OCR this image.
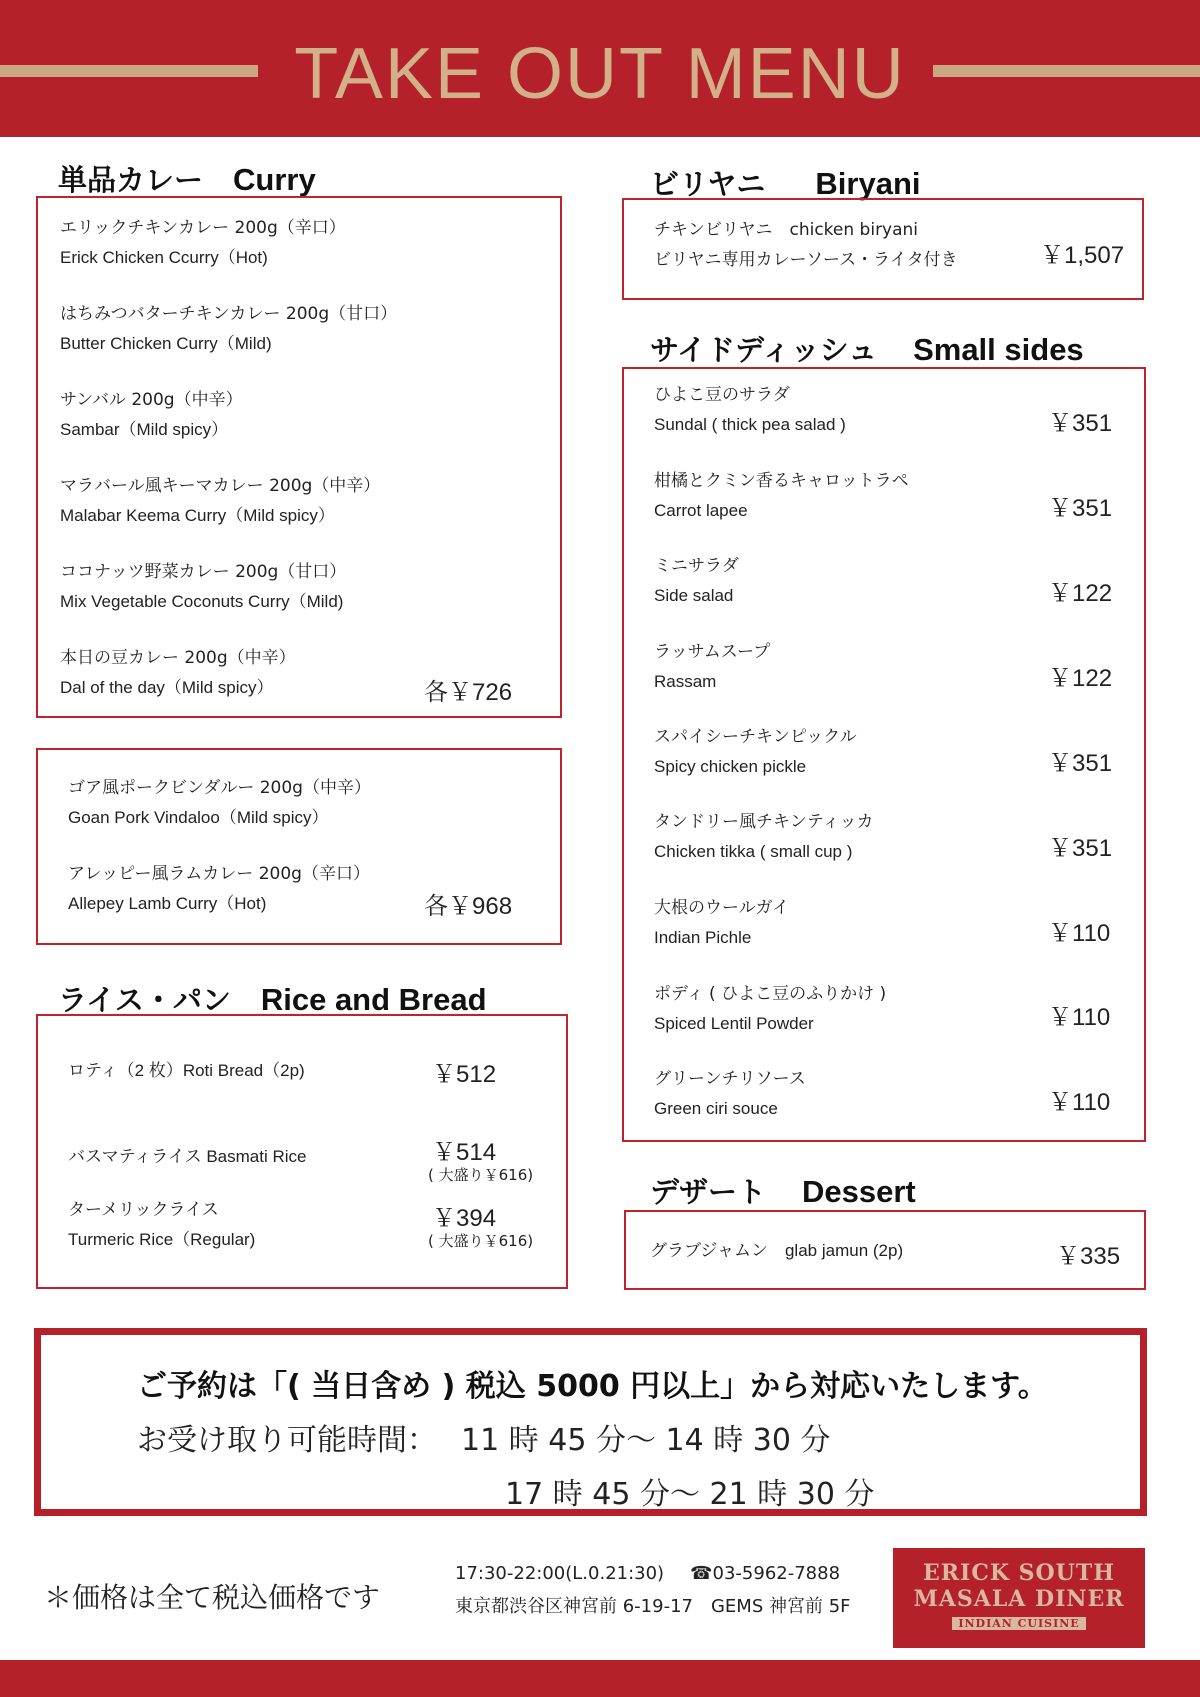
TAKE OUT MENU
単品カレー Curry
エリックチキンカレー 200g（辛口）
Erick Chicken Ccurry（Hot)
はちみつバターチキンカレー 200g（甘口）
Butter Chicken Curry（Mild)
サンバル 200g（中辛）
Sambar（Mild spicy）
マラバール風キーマカレー 200g（中辛）
Malabar Keema Curry（Mild spicy）
ココナッツ野菜カレー 200g（甘口）
Mix Vegetable Coconuts Curry（Mild)
本日の豆カレー 200g（中辛）
Dal of the day（Mild spicy）	各￥726
ゴア風ポークビンダルー 200g（中辛）
Goan Pork Vindaloo（Mild spicy）
アレッピー風ラムカレー 200g（辛口）
Allepey Lamb Curry（Hot)	各￥968
ライス・パン Rice and Bread
ロティ（2 枚）Roti Bread（2p)	￥512
バスマティライス Basmati Rice	￥514
( 大盛り￥616)
ターメリックライス
Turmeric Rice（Regular)
￥394
( 大盛り￥616)
ビリヤニ Biryani
チキンビリヤニ　chicken biryani
ビリヤニ専用カレーソース・ライタ付き	￥1,507
サイドディッシュ Small sides
ひよこ豆のサラダ
Sundal ( thick pea salad )	￥351
柑橘とクミン香るキャロットラペ
Carrot lapee	￥351
ミニサラダ
Side salad	￥122
ラッサムスープ
Rassam	￥122
スパイシーチキンピックル
Spicy chicken pickle	￥351
タンドリー風チキンティッカ
Chicken tikka ( small cup )	￥351
大根のウールガイ
Indian Pichle	￥110
ポディ ( ひよこ豆のふりかけ )
Spiced Lentil Powder	￥110
グリーンチリソース
Green ciri souce	￥110
デザート Dessert
グラブジャムン　glab jamun (2p)	￥335
ご予約は「( 当日含め ) 税込 5000 円以上」から対応いたします。
お受け取り可能時間： 11 時 45 分〜 14 時 30 分
17 時 45 分〜 21 時 30 分
＊価格は全て税込価格です
17:30-22:00(L.0.21:30) ☎03-5962-7888
東京都渋谷区神宮前 6-19-17　GEMS 神宮前 5F
ERICK SOUTH
MASALA DINER
INDIAN CUISINE
